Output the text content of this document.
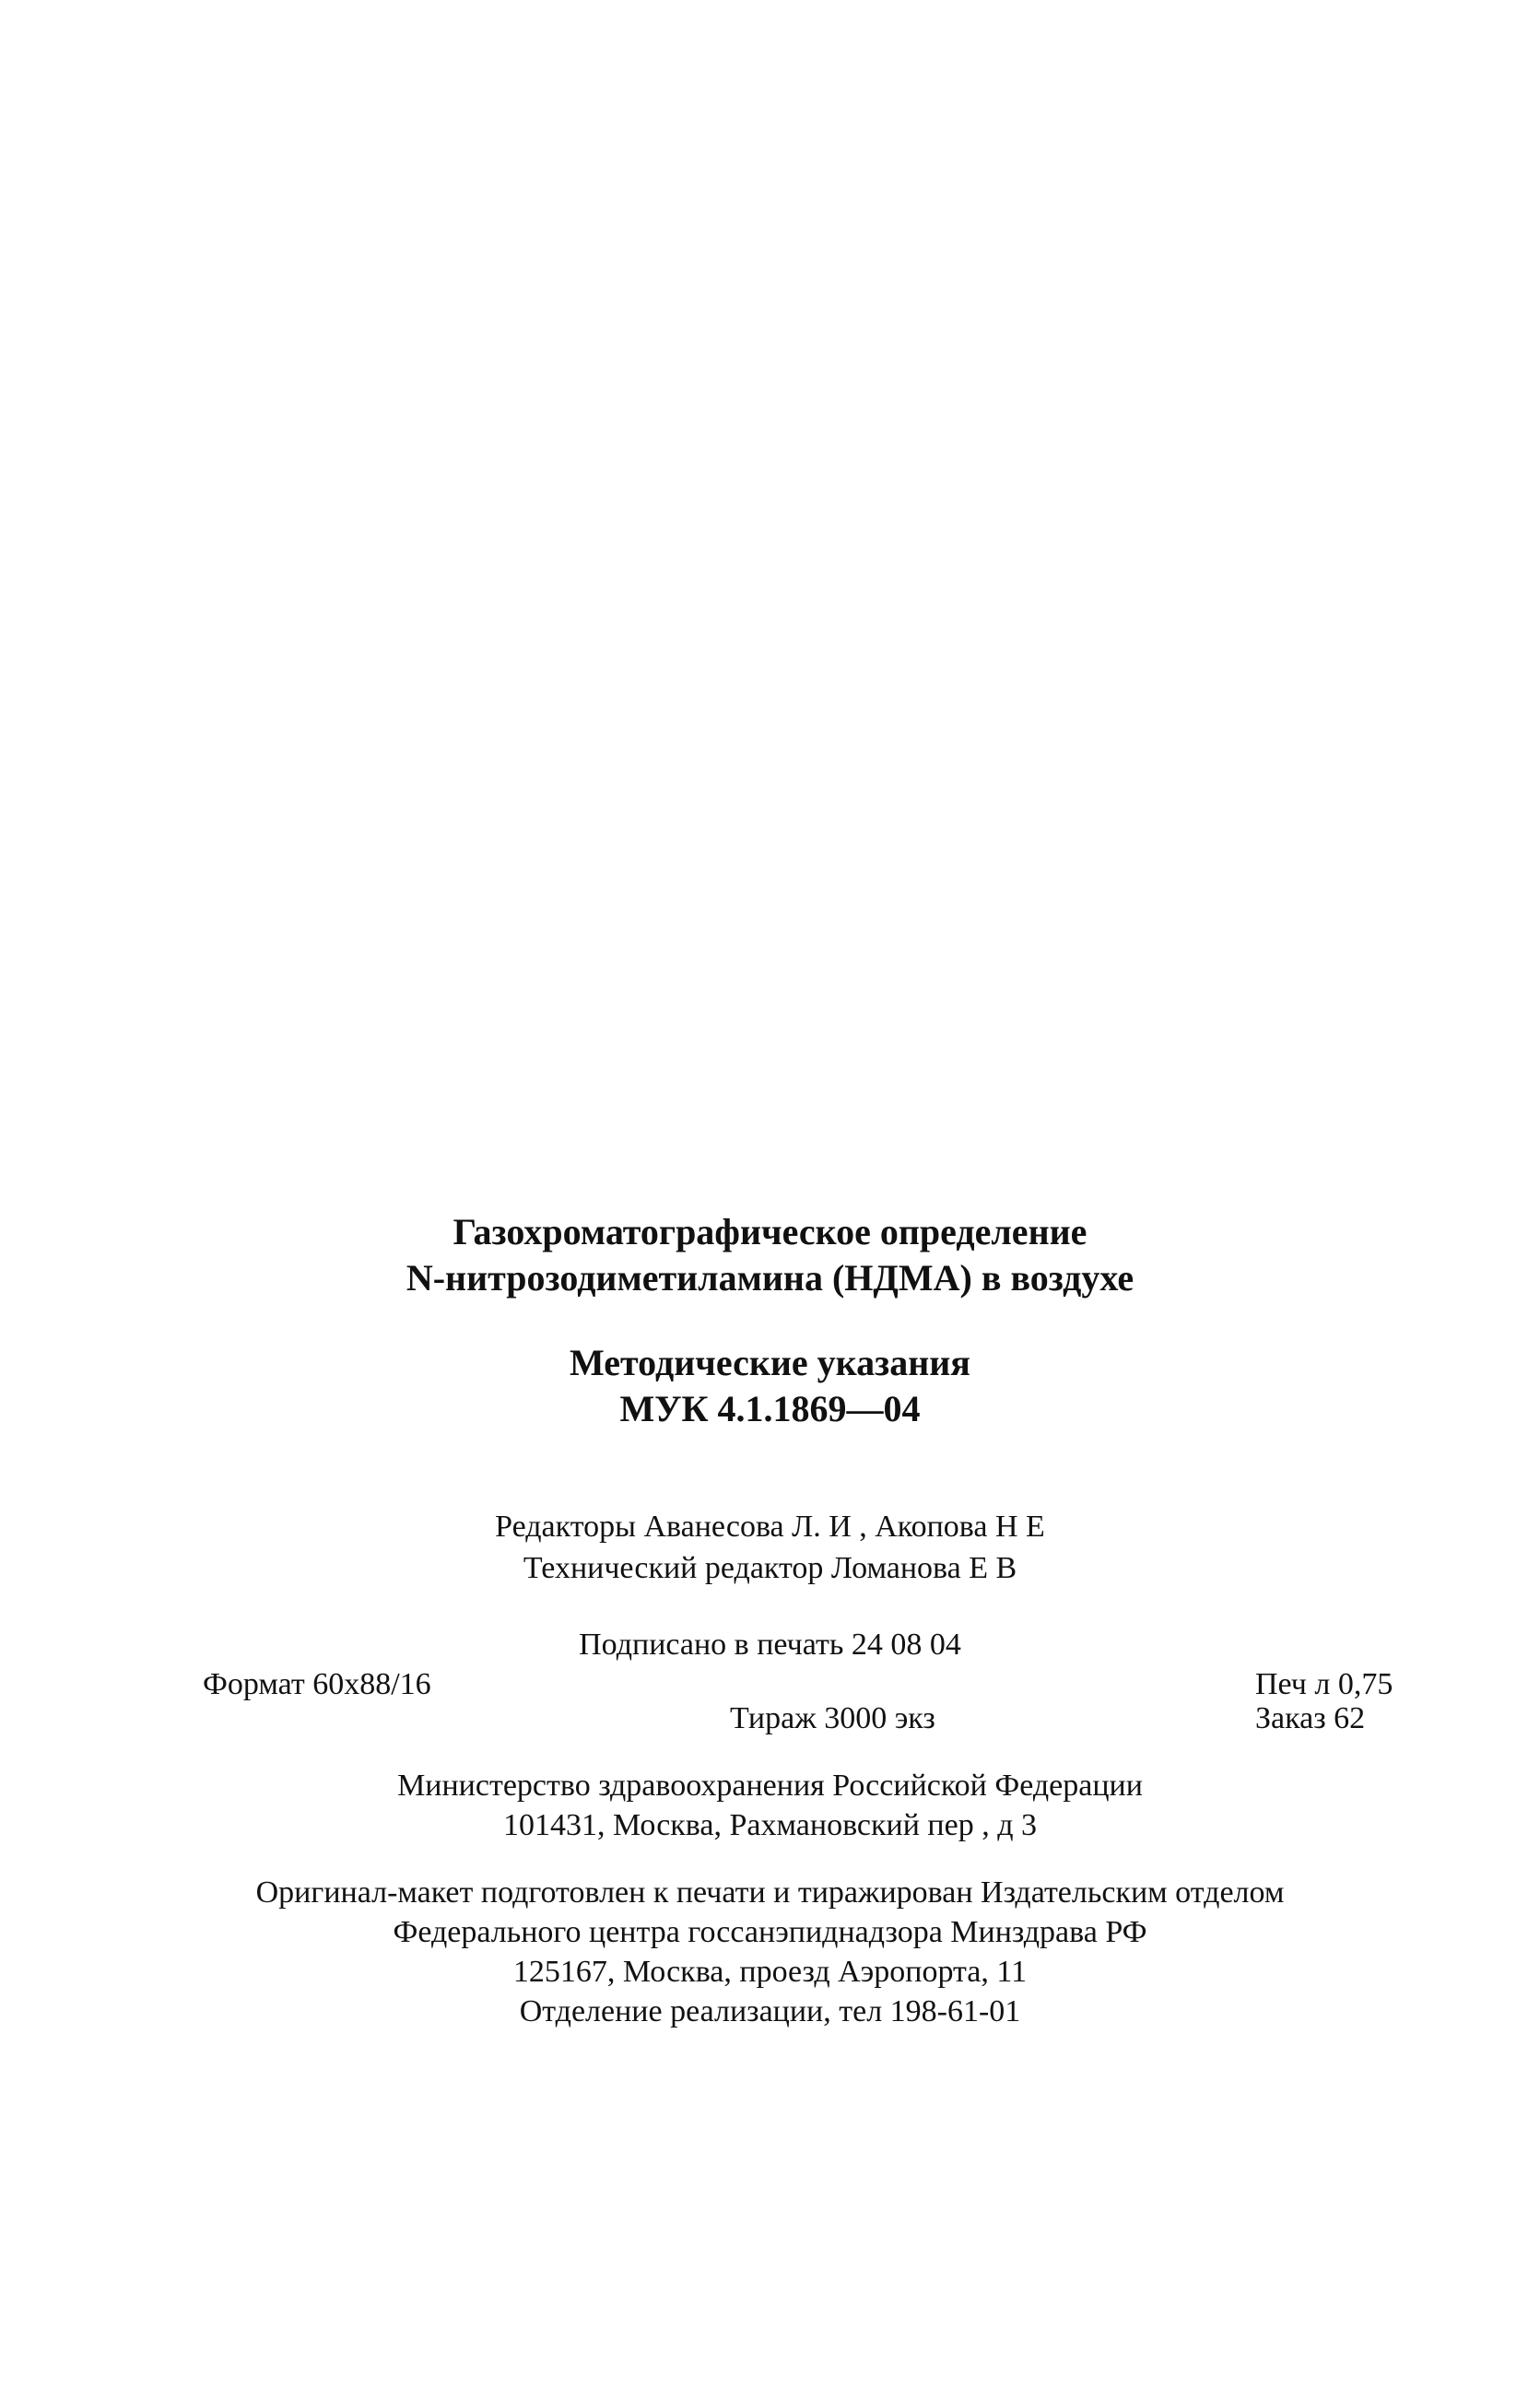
Газохроматографическое определение
N-нитрозодиметиламина (НДМА) в воздухе
Методические указания
МУК 4.1.1869—04
Редакторы Аванесова Л. И , Акопова Н Е
Технический редактор Ломанова Е В
Подписано в печать 24 08 04
Формат 60x88/16	Печ л 0,75
Тираж 3000 экз	Заказ 62
Министерство здравоохранения Российской Федерации
101431, Москва, Рахмановский пер , д 3
Оригинал-макет подготовлен к печати и тиражирован Издательским отделом
Федерального центра госсанэпиднадзора Минздрава РФ
125167, Москва, проезд Аэропорта, 11
Отделение реализации, тел 198-61-01
